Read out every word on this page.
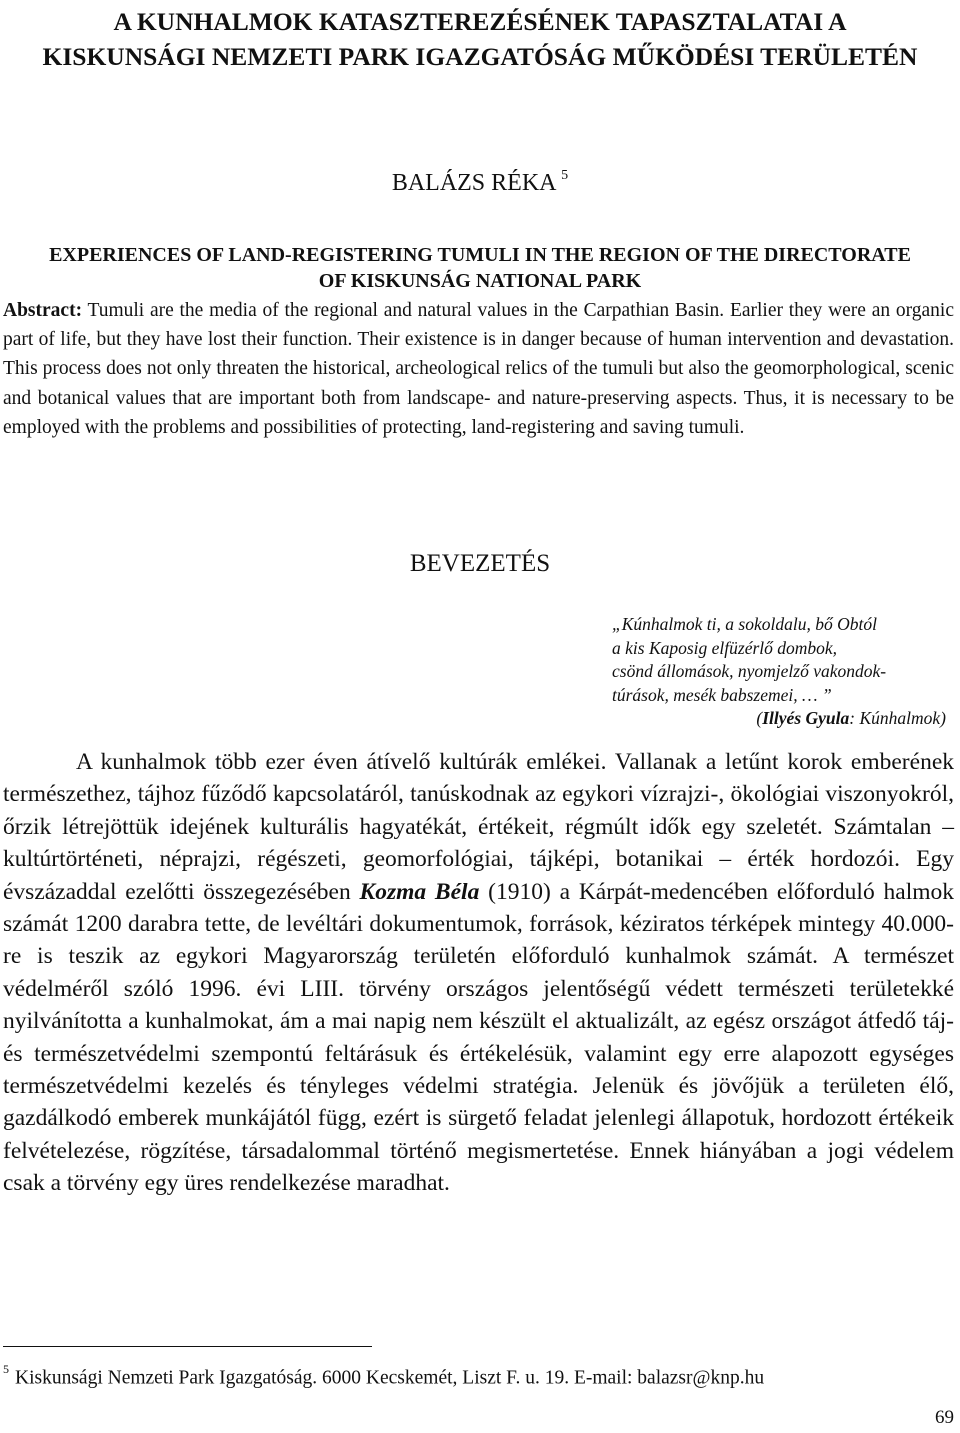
A KUNHALMOK KATASZTEREZÉSÉNEK TAPASZTALATAI A KISKUNSÁGI NEMZETI PARK IGAZGATÓSÁG MŰKÖDÉSI TERÜLETÉN
BALÁZS RÉKA $^5$
EXPERIENCES OF LAND-REGISTERING TUMULI IN THE REGION OF THE DIRECTORATE OF KISKUNSÁG NATIONAL PARK
Abstract: Tumuli are the media of the regional and natural values in the Carpathian Basin. Earlier they were an organic part of life, but they have lost their function. Their existence is in danger because of human intervention and devastation. This process does not only threaten the historical, archeological relics of the tumuli but also the geomorphological, scenic and botanical values that are important both from landscape- and nature-preserving aspects. Thus, it is necessary to be employed with the problems and possibilities of protecting, land-registering and saving tumuli.
BEVEZETÉS
„Kúnhalmok ti, a sokoldalu, bő Obtól
a kis Kaposig elfüzérlő dombok,
csönd állomások, nyomjelző vakondok-
túrások, mesék babszemei, … ”
(Illyés Gyula: Kúnhalmok)
A kunhalmok több ezer éven átívelő kultúrák emlékei. Vallanak a letűnt korok emberének természethez, tájhoz fűződő kapcsolatáról, tanúskodnak az egykori vízrajzi-, ökológiai viszonyokról, őrzik létrejöttük idejének kulturális hagyatékát, értékeit, régmúlt idők egy szeletét. Számtalan – kultúrtörténeti, néprajzi, régészeti, geomorfológiai, tájképi, botanikai – érték hordozói. Egy évszázaddal ezelőtti összegezésében Kozma Béla (1910) a Kárpát-medencében előforduló halmok számát 1200 darabra tette, de levéltári dokumentumok, források, kéziratos térképek mintegy 40.000-re is teszik az egykori Magyarország területén előforduló kunhalmok számát. A természet védelméről szóló 1996. évi LIII. törvény országos jelentőségű védett természeti területekké nyilvánította a kunhalmokat, ám a mai napig nem készült el aktualizált, az egész országot átfedő táj- és természetvédelmi szempontú feltárásuk és értékelésük, valamint egy erre alapozott egységes természetvédelmi kezelés és tényleges védelmi stratégia. Jelenük és jövőjük a területen élő, gazdálkodó emberek munkájától függ, ezért is sürgető feladat jelenlegi állapotuk, hordozott értékeik felvételezése, rögzítése, társadalommal történő megismertetése. Ennek hiányában a jogi védelem csak a törvény egy üres rendelkezése maradhat.
$^5$ Kiskunsági Nemzeti Park Igazgatóság. 6000 Kecskemét, Liszt F. u. 19. E-mail: balazsr@knp.hu
69
